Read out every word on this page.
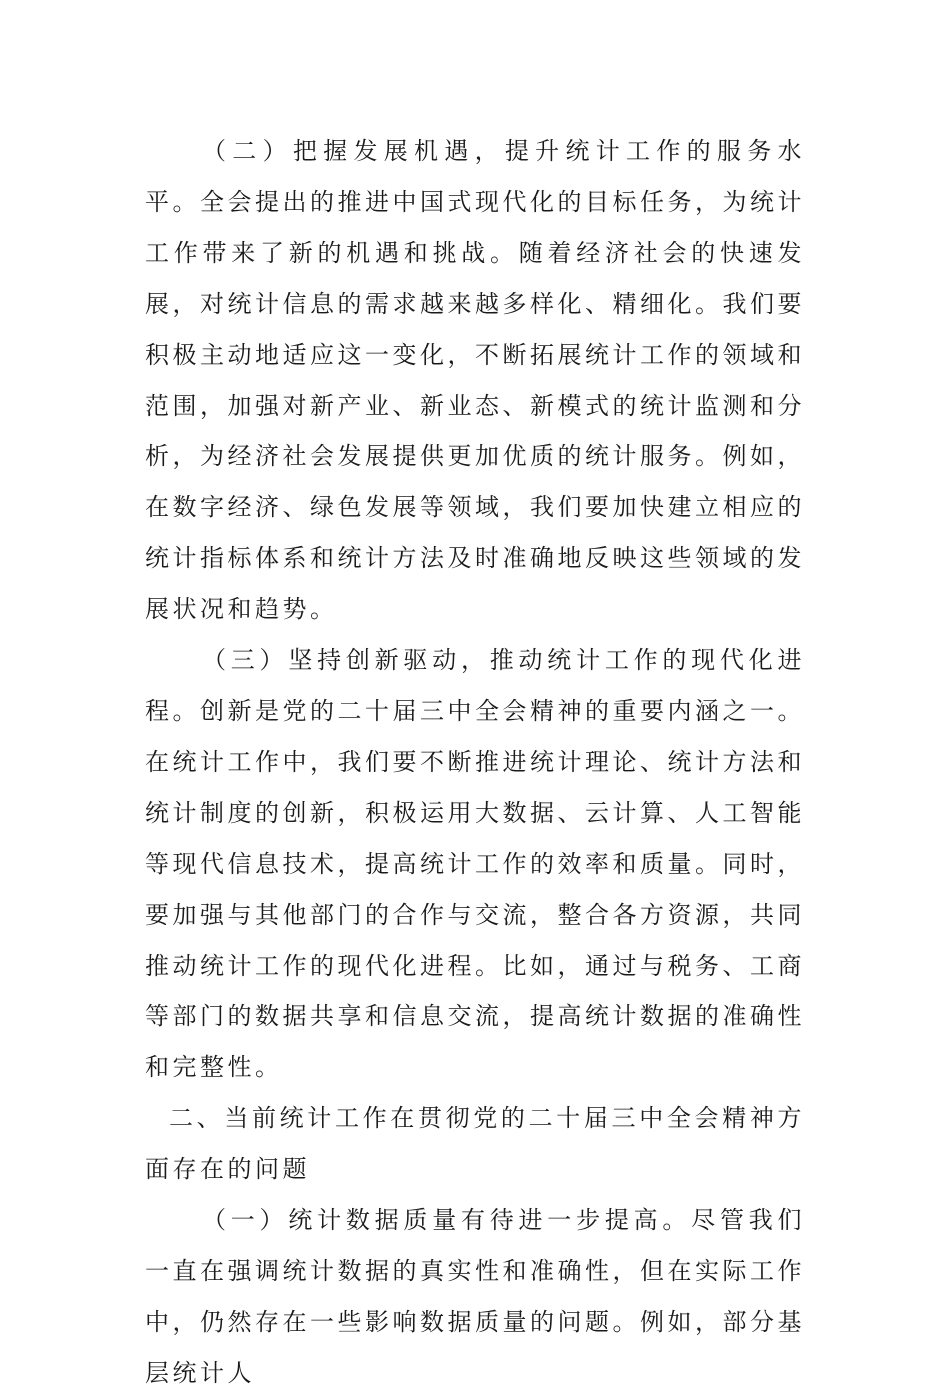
（二）把握发展机遇，提升统计工作的服务水平。全会提出的推进中国式现代化的目标任务，为统计工作带来了新的机遇和挑战。随着经济社会的快速发展，对统计信息的需求越来越多样化、精细化。我们要积极主动地适应这一变化，不断拓展统计工作的领域和范围，加强对新产业、新业态、新模式的统计监测和分析，为经济社会发展提供更加优质的统计服务。例如，在数字经济、绿色发展等领域，我们要加快建立相应的统计指标体系和统计方法及时准确地反映这些领域的发展状况和趋势。

（三）坚持创新驱动，推动统计工作的现代化进程。创新是党的二十届三中全会精神的重要内涵之一。在统计工作中，我们要不断推进统计理论、统计方法和统计制度的创新，积极运用大数据、云计算、人工智能等现代信息技术，提高统计工作的效率和质量。同时，要加强与其他部门的合作与交流，整合各方资源，共同推动统计工作的现代化进程。比如，通过与税务、工商等部门的数据共享和信息交流，提高统计数据的准确性和完整性。

二、当前统计工作在贯彻党的二十届三中全会精神方面存在的问题

（一）统计数据质量有待进一步提高。尽管我们一直在强调统计数据的真实性和准确性，但在实际工作中，仍然存在一些影响数据质量的问题。例如，部分基层统计人
